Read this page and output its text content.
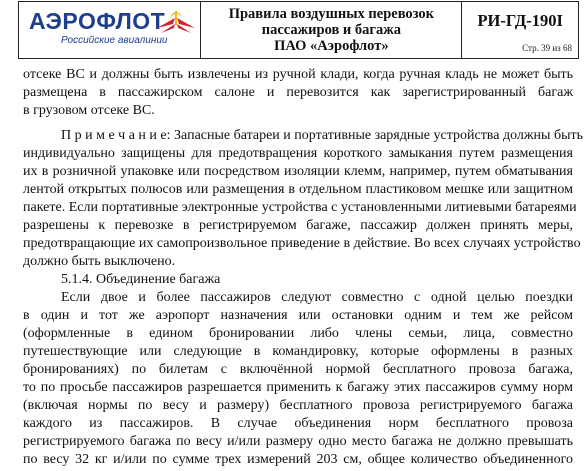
АЭРОФЛОТ
Российские авиалинии
Правила воздушных перевозок
пассажиров и багажа
ПАО «Аэрофлот»
РИ-ГД-190I
Стр. 39 из 68
отсеке ВС и должны быть извлечены из ручной клади, когда ручная кладь не может быть
размещена в пассажирском салоне и перевозится как зарегистрированный багаж
в грузовом отсеке ВС.
П р и м е ч а н и е: Запасные батареи и портативные зарядные устройства должны быть
индивидуально защищены для предотвращения короткого замыкания путем размещения
их в розничной упаковке или посредством изоляции клемм, например, путем обматывания
лентой открытых полюсов или размещения в отдельном пластиковом мешке или защитном
пакете. Если портативные электронные устройства с установленными литиевыми батареями
разрешены к перевозке в регистрируемом багаже, пассажир должен принять меры,
предотвращающие их самопроизвольное приведение в действие. Во всех случаях устройство
должно быть выключено.
5.1.4. Объединение багажа
Если двое и более пассажиров следуют совместно с одной целью поездки
в один и тот же аэропорт назначения или остановки одним и тем же рейсом
(оформленные в едином бронировании либо члены семьи, лица, совместно
путешествующие или следующие в командировку, которые оформлены в разных
бронированиях) по билетам с включённой нормой бесплатного провоза багажа,
то по просьбе пассажиров разрешается применить к багажу этих пассажиров сумму норм
(включая нормы по весу и размеру) бесплатного провоза регистрируемого багажа
каждого из пассажиров. В случае объединения норм бесплатного провоза
регистрируемого багажа по весу и/или размеру одно место багажа не должно превышать
по весу 32 кг и/или по сумме трех измерений 203 см, общее количество объединенного
